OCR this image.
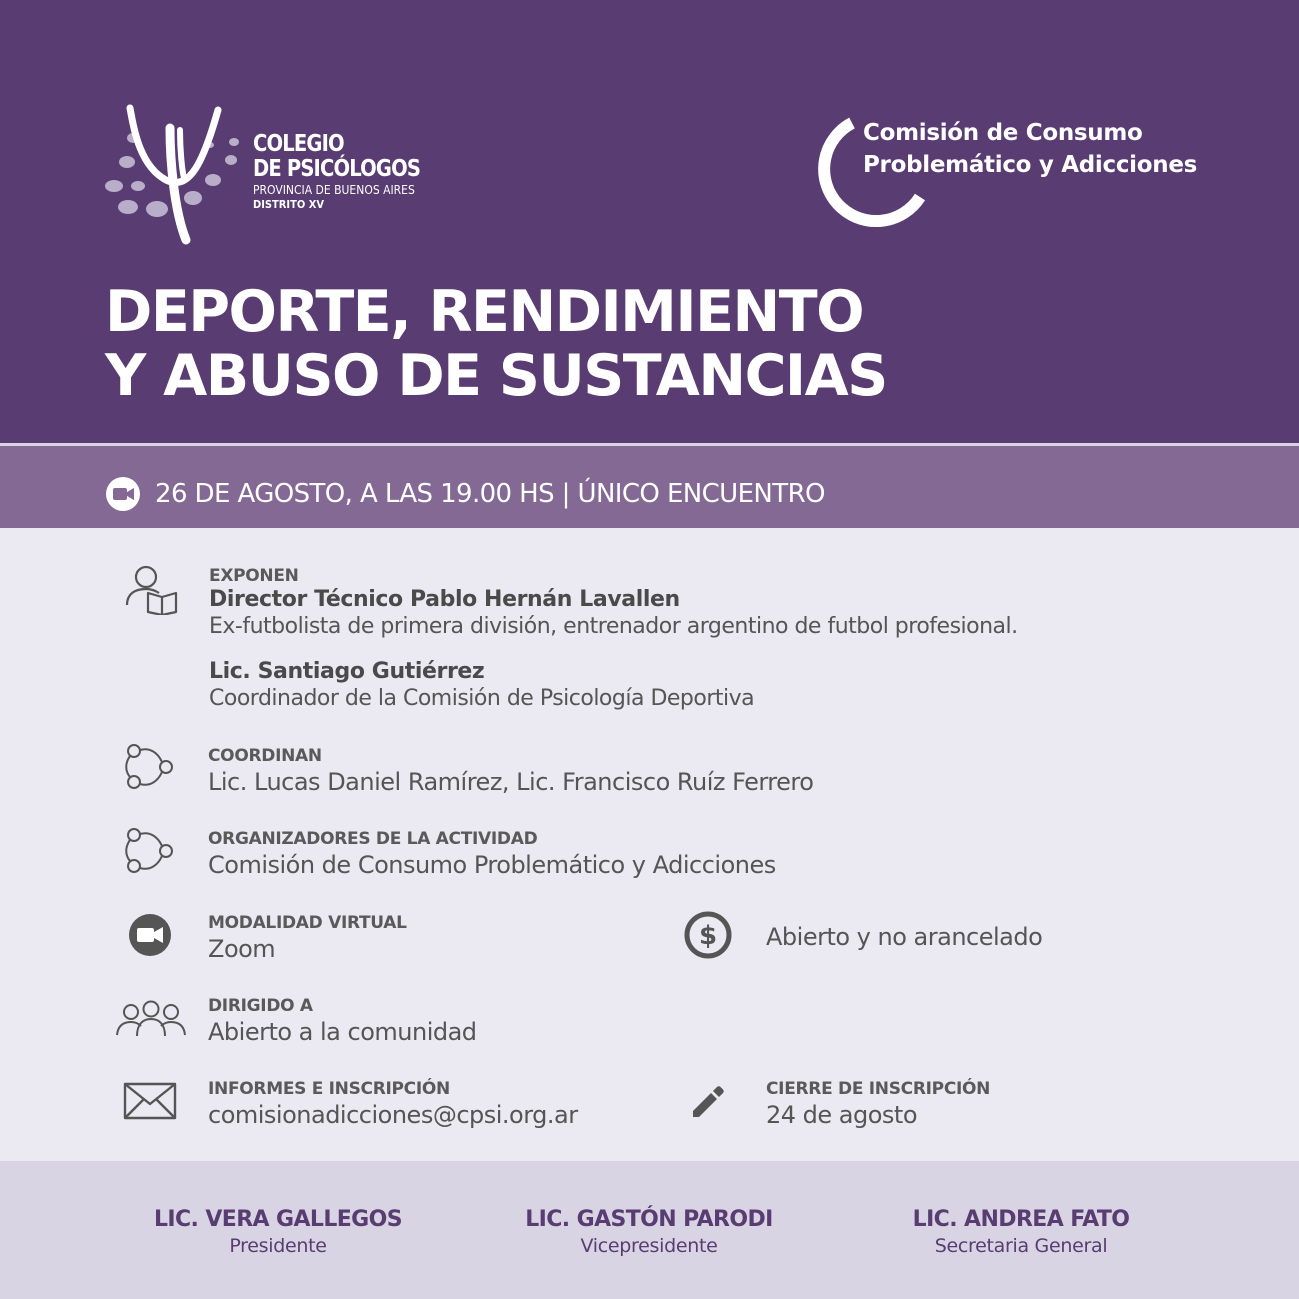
COLEGIO
DE PSICÓLOGOS
PROVINCIA DE BUENOS AIRES
DISTRITO XV
Comisión de Consumo
Problemático y Adicciones
DEPORTE, RENDIMIENTO
Y ABUSO DE SUSTANCIAS
26 DE AGOSTO, A LAS 19.00 HS | ÚNICO ENCUENTRO
EXPONEN
Director Técnico Pablo Hernán Lavallen
Ex-futbolista de primera división, entrenador argentino de futbol profesional.
Lic. Santiago Gutiérrez
Coordinador de la Comisión de Psicología Deportiva
COORDINAN
Lic. Lucas Daniel Ramírez, Lic. Francisco Ruíz Ferrero
ORGANIZADORES DE LA ACTIVIDAD
Comisión de Consumo Problemático y Adicciones
MODALIDAD VIRTUAL
Zoom	$ Abierto y no arancelado
DIRIGIDO A
Abierto a la comunidad
INFORMES E INSCRIPCIÓN
comisionadicciones@cpsi.org.ar
CIERRE DE INSCRIPCIÓN
24 de agosto
LIC. VERA GALLEGOS
Presidente
LIC. GASTÓN PARODI
Vicepresidente
LIC. ANDREA FATO
Secretaria General
